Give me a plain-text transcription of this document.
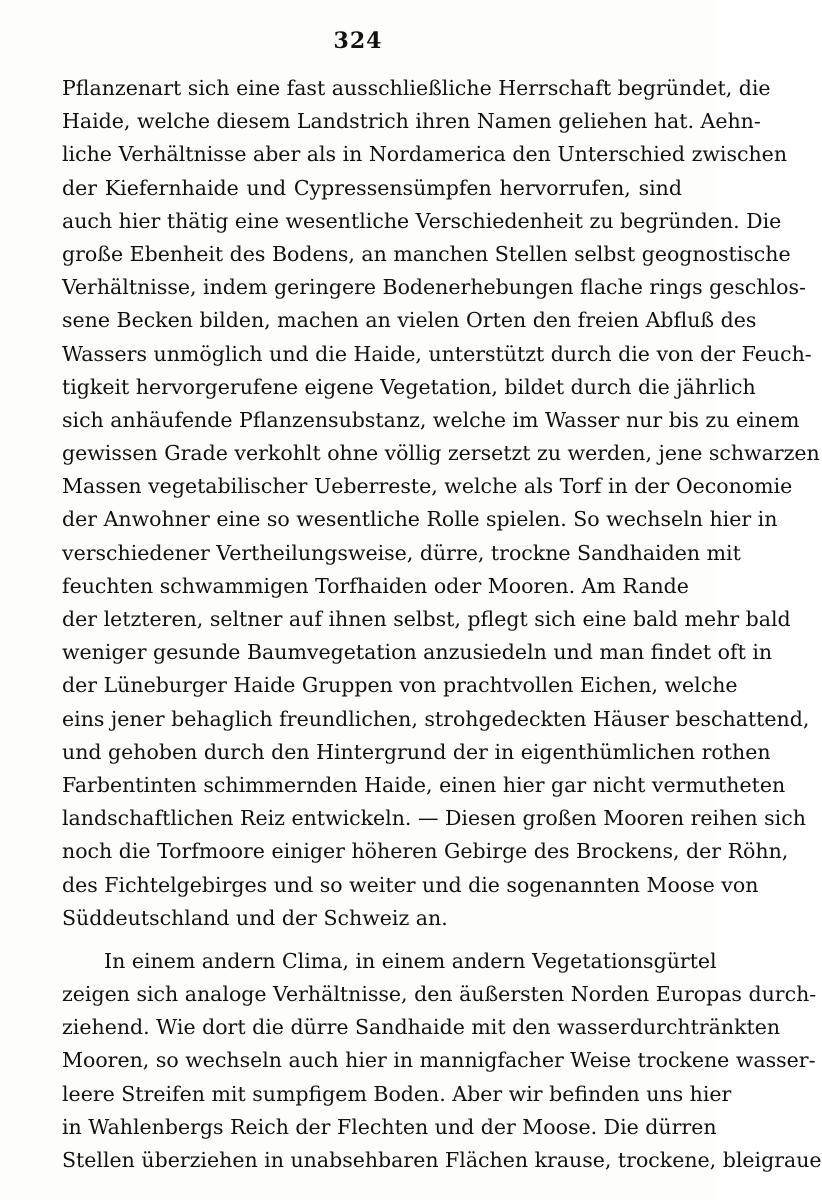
324
Pflanzenart sich eine fast ausschließliche Herrschaft begründet, die
Haide, welche diesem Landstrich ihren Namen geliehen hat. Aehn-
liche Verhältnisse aber als in Nordamerica den Unterschied zwischen
der Kiefernhaide und Cypressensümpfen hervorrufen, sind
auch hier thätig eine wesentliche Verschiedenheit zu begründen. Die
große Ebenheit des Bodens, an manchen Stellen selbst geognostische
Verhältnisse, indem geringere Bodenerhebungen flache rings geschlos-
sene Becken bilden, machen an vielen Orten den freien Abfluß des
Wassers unmöglich und die Haide, unterstützt durch die von der Feuch-
tigkeit hervorgerufene eigene Vegetation, bildet durch die jährlich
sich anhäufende Pflanzensubstanz, welche im Wasser nur bis zu einem
gewissen Grade verkohlt ohne völlig zersetzt zu werden, jene schwarzen
Massen vegetabilischer Ueberreste, welche als Torf in der Oeconomie
der Anwohner eine so wesentliche Rolle spielen. So wechseln hier in
verschiedener Vertheilungsweise, dürre, trockne Sandhaiden mit
feuchten schwammigen Torfhaiden oder Mooren. Am Rande
der letzteren, seltner auf ihnen selbst, pflegt sich eine bald mehr bald
weniger gesunde Baumvegetation anzusiedeln und man findet oft in
der Lüneburger Haide Gruppen von prachtvollen Eichen, welche
eins jener behaglich freundlichen, strohgedeckten Häuser beschattend,
und gehoben durch den Hintergrund der in eigenthümlichen rothen
Farbentinten schimmernden Haide, einen hier gar nicht vermutheten
landschaftlichen Reiz entwickeln. — Diesen großen Mooren reihen sich
noch die Torfmoore einiger höheren Gebirge des Brockens, der Röhn,
des Fichtelgebirges und so weiter und die sogenannten Moose von
Süddeutschland und der Schweiz an.
In einem andern Clima, in einem andern Vegetationsgürtel
zeigen sich analoge Verhältnisse, den äußersten Norden Europas durch-
ziehend. Wie dort die dürre Sandhaide mit den wasserdurchtränkten
Mooren, so wechseln auch hier in mannigfacher Weise trockene wasser-
leere Streifen mit sumpfigem Boden. Aber wir befinden uns hier
in Wahlenbergs Reich der Flechten und der Moose. Die dürren
Stellen überziehen in unabsehbaren Flächen krause, trockene, bleigraue
